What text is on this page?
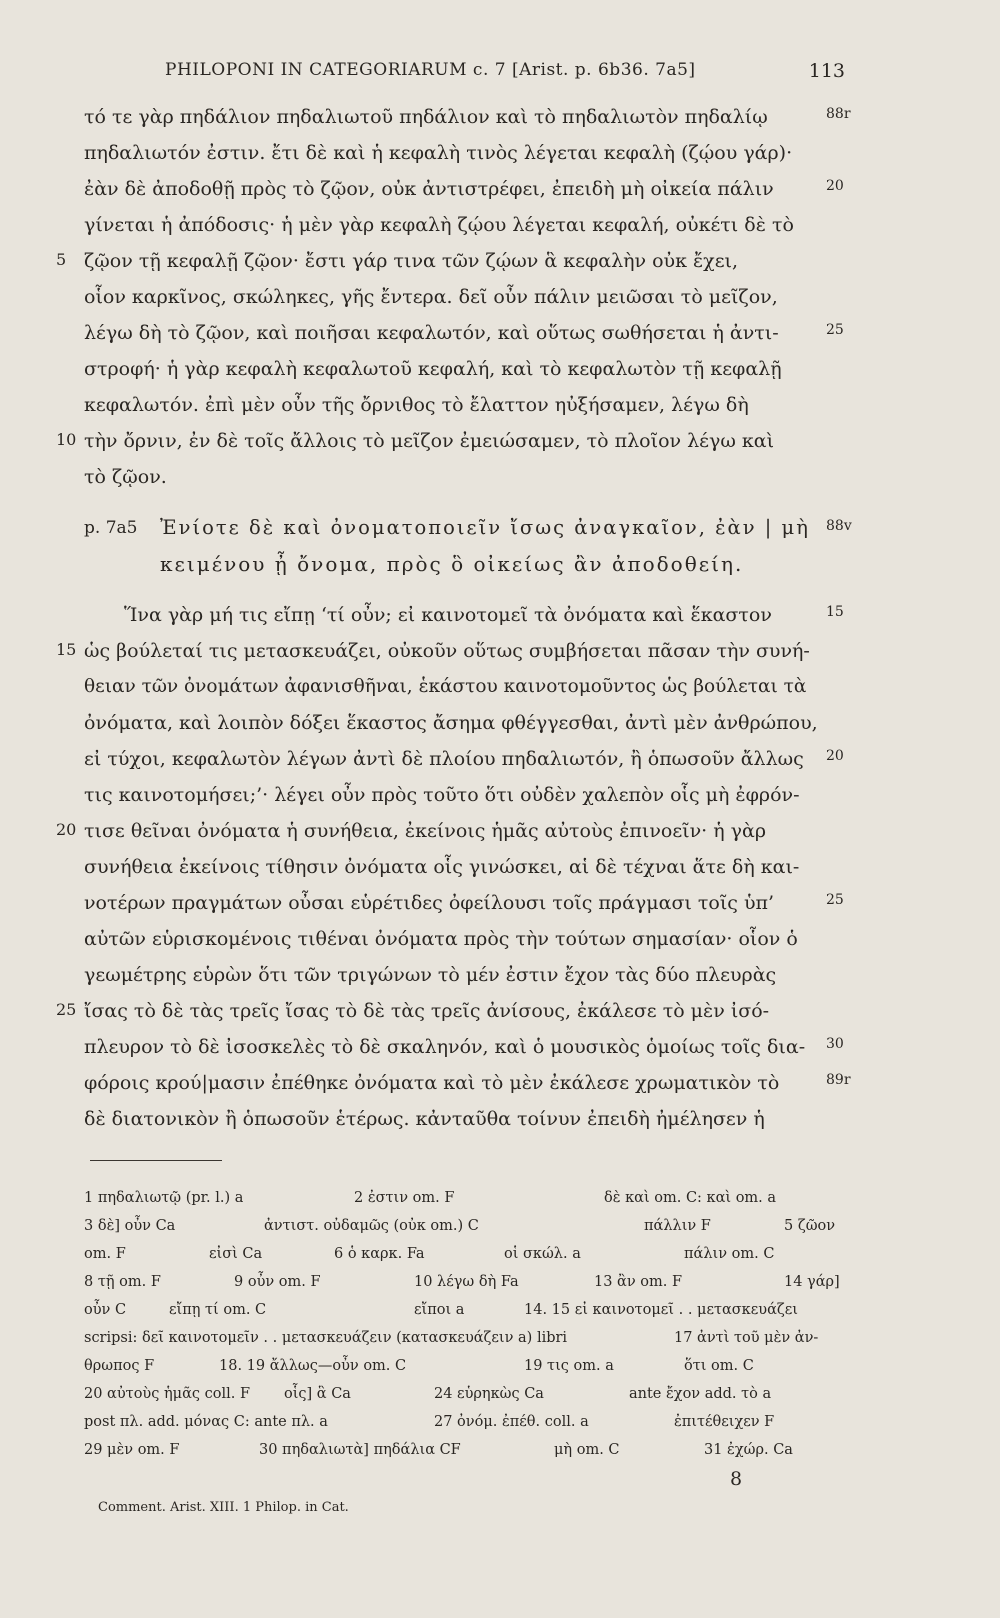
PHILOPONI IN CATEGORIARUM c. 7 [Arist. p. 6b36. 7a5]	113
τό τε γὰρ πηδάλιον πηδαλιωτοῦ πηδάλιον καὶ τὸ πηδαλιωτὸν πηδαλίῳ	88r
πηδαλιωτόν ἐστιν. ἔτι δὲ καὶ ἡ κεφαλὴ τινὸς λέγεται κεφαλὴ (ζῴου γάρ)·
ἐὰν δὲ ἀποδοθῇ πρὸς τὸ ζῷον, οὐκ ἀντιστρέφει, ἐπειδὴ μὴ οἰκεία πάλιν	20
γίνεται ἡ ἀπόδοσις· ἡ μὲν γὰρ κεφαλὴ ζῴου λέγεται κεφαλή, οὐκέτι δὲ τὸ
5 ζῷον τῇ κεφαλῇ ζῷον· ἔστι γάρ τινα τῶν ζῴων ἃ κεφαλὴν οὐκ ἔχει,
οἷον καρκῖνος, σκώληκες, γῆς ἔντερα. δεῖ οὖν πάλιν μειῶσαι τὸ μεῖζον,
λέγω δὴ τὸ ζῷον, καὶ ποιῆσαι κεφαλωτόν, καὶ οὕτως σωθήσεται ἡ ἀντι-	25
στροφή· ἡ γὰρ κεφαλὴ κεφαλωτοῦ κεφαλή, καὶ τὸ κεφαλωτὸν τῇ κεφαλῇ
κεφαλωτόν. ἐπὶ μὲν οὖν τῆς ὄρνιθος τὸ ἔλαττον ηὐξήσαμεν, λέγω δὴ
10 τὴν ὄρνιν, ἐν δὲ τοῖς ἄλλοις τὸ μεῖζον ἐμειώσαμεν, τὸ πλοῖον λέγω καὶ
τὸ ζῷον.
p. 7a5 Ἐνίοτε δὲ καὶ ὀνοματοποιεῖν ἴσως ἀναγκαῖον, ἐὰν | μὴ 88v
κειμένου ᾖ ὄνομα, πρὸς ὃ οἰκείως ἂν ἀποδοθείη.
Ἵνα γὰρ μή τις εἴπῃ ‘τί οὖν; εἰ καινοτομεῖ τὰ ὀνόματα καὶ ἕκαστον	15
15 ὡς βούλεταί τις μετασκευάζει, οὐκοῦν οὕτως συμβήσεται πᾶσαν τὴν συνή-
θειαν τῶν ὀνομάτων ἀφανισθῆναι, ἑκάστου καινοτομοῦντος ὡς βούλεται τὰ
ὀνόματα, καὶ λοιπὸν δόξει ἕκαστος ἄσημα φθέγγεσθαι, ἀντὶ μὲν ἀνθρώπου,
εἰ τύχοι, κεφαλωτὸν λέγων ἀντὶ δὲ πλοίου πηδαλιωτόν, ἢ ὁπωσοῦν ἄλλως 20
τις καινοτομήσει;’· λέγει οὖν πρὸς τοῦτο ὅτι οὐδὲν χαλεπὸν οἷς μὴ ἐφρόν-
20 τισε θεῖναι ὀνόματα ἡ συνήθεια, ἐκείνοις ἡμᾶς αὐτοὺς ἐπινοεῖν· ἡ γὰρ
συνήθεια ἐκείνοις τίθησιν ὀνόματα οἷς γινώσκει, αἱ δὲ τέχναι ἅτε δὴ και-
νοτέρων πραγμάτων οὖσαι εὑρέτιδες ὀφείλουσι τοῖς πράγμασι τοῖς ὑπ’	25
αὐτῶν εὑρισκομένοις τιθέναι ὀνόματα πρὸς τὴν τούτων σημασίαν· οἷον ὁ
γεωμέτρης εὑρὼν ὅτι τῶν τριγώνων τὸ μέν ἐστιν ἔχον τὰς δύο πλευρὰς
25 ἴσας τὸ δὲ τὰς τρεῖς ἴσας τὸ δὲ τὰς τρεῖς ἀνίσους, ἐκάλεσε τὸ μὲν ἰσό-
πλευρον τὸ δὲ ἰσοσκελὲς τὸ δὲ σκαληνόν, καὶ ὁ μουσικὸς ὁμοίως τοῖς δια- 30
φόροις κρού|μασιν ἐπέθηκε ὀνόματα καὶ τὸ μὲν ἐκάλεσε χρωματικὸν τὸ	89r
δὲ διατονικὸν ἢ ὁπωσοῦν ἑτέρως. κἀνταῦθα τοίνυν ἐπειδὴ ἠμέλησεν ἡ
1 πηδαλιωτῷ (pr. l.) a	2 ἐστιν om. F	δὲ καὶ om. C: καὶ om. a
3 δὲ] οὖν Ca	ἀντιστ. οὐδαμῶς (οὐκ om.) C	πάλλιν F	5 ζῶον
om. F	εἰσὶ Ca	6 ὁ καρκ. Fa	οἱ σκώλ. a	πάλιν om. C
8 τῇ om. F	9 οὖν om. F	10 λέγω δὴ Fa	13 ἂν om. F	14 γάρ]
οὖν C	εἴπῃ τί om. C	εἴποι a	14. 15 εἰ καινοτομεῖ . . μετασκευάζει
scripsi: δεῖ καινοτομεῖν . . μετασκευάζειν (κατασκευάζειν a) libri	17 ἀντὶ τοῦ μὲν ἀν-
θρωπος F	18. 19 ἄλλως—οὖν om. C	19 τις om. a	ὅτι om. C
20 αὐτοὺς ἡμᾶς coll. F οἷς] ἃ Ca	24 εὑρηκὼς Ca	ante ἔχον add. τὸ a
post πλ. add. μόνας C: ante πλ. a	27 ὀνόμ. ἐπέθ. coll. a	ἐπιτέθειχεν F
29 μὲν om. F	30 πηδαλιωτὰ] πηδάλια CF	μὴ om. C	31 ἐχώρ. Ca
8
Comment. Arist. XIII. 1 Philop. in Cat.
